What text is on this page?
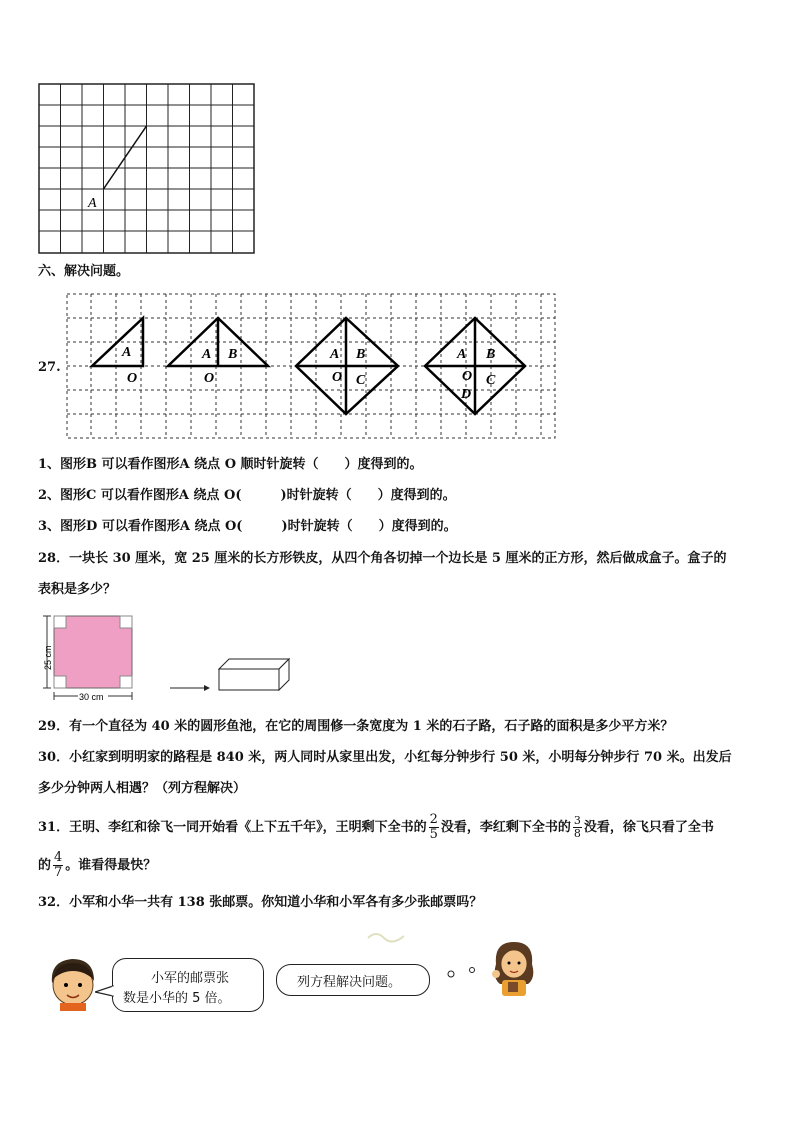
A
六、解决问题。
27.
A
O
A B
O
A B
O C
A B
O C
D
1、图形B 可以看作图形A 绕点 O 顺时针旋转（　　）度得到的。
2、图形C 可以看作图形A 绕点 O(　　　)时针旋转（　　）度得到的。
3、图形D 可以看作图形A 绕点 O(　　　)时针旋转（　　）度得到的。
28．一块长 30 厘米，宽 25 厘米的长方形铁皮，从四个角各切掉一个边长是 5 厘米的正方形，然后做成盒子。盒子的
表积是多少？
25 cm
30 cm
29．有一个直径为 40 米的圆形鱼池，在它的周围修一条宽度为 1 米的石子路，石子路的面积是多少平方米？
30．小红家到明明家的路程是 840 米，两人同时从家里出发，小红每分钟步行 50 米，小明每分钟步行 70 米。出发后
多少分钟两人相遇？（列方程解决）
31．王明、李红和徐飞一同开始看《上下五千年》，王明剩下全书的 $\frac{2}{5}$ 没看，李红剩下全书的 $\frac{3}{8}$ 没看，徐飞只看了全书
的 $\frac{4}{7}$ 。谁看得最快？
32．小军和小华一共有 138 张邮票。你知道小华和小军各有多少张邮票吗？
小军的邮票张
数是小华的 5 倍。
列方程解决问题。
